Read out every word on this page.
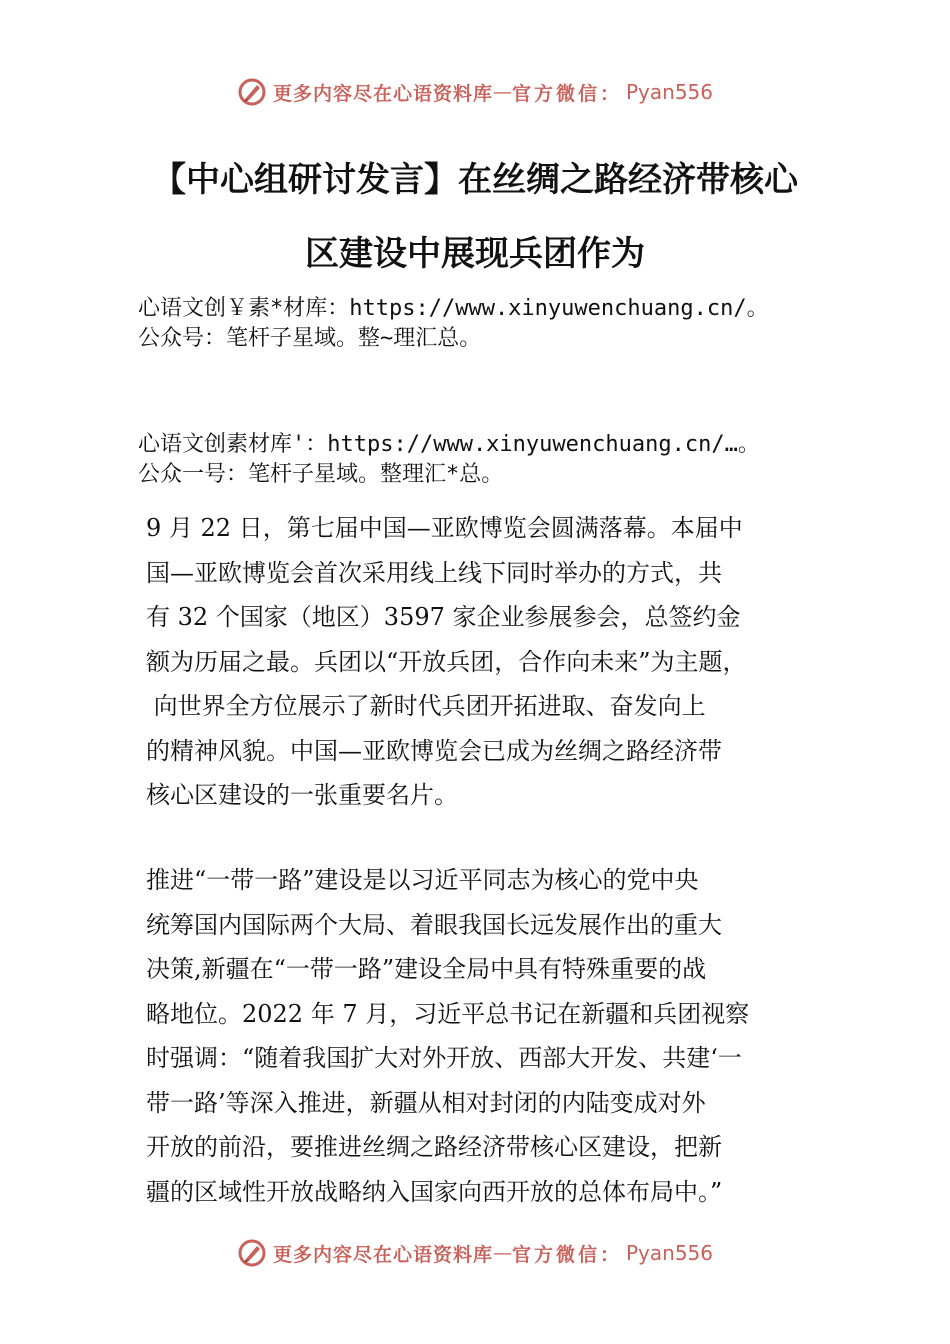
更多内容尽在心语资料库 — 官方微信： Pyan556
【中心组研讨发言】在丝绸之路经济带核心
区建设中展现兵团作为
心语文创￥素*材库：https://www.xinyuwenchuang.cn/。
公众号：笔杆子星域。整~理汇总。
心语文创素材库'：https://www.xinyuwenchuang.cn/…。
公众一号：笔杆子星域。整理汇*总。
9 月 22 日，第七届中国—亚欧博览会圆满落幕。本届中
国—亚欧博览会首次采用线上线下同时举办的方式，共
有 32 个国家（地区）3597 家企业参展参会，总签约金
额为历届之最。兵团以“开放兵团，合作向未来”为主题，
向世界全方位展示了新时代兵团开拓进取、奋发向上
的精神风貌。中国—亚欧博览会已成为丝绸之路经济带
核心区建设的一张重要名片。
推进“一带一路”建设是以习近平同志为核心的党中央
统筹国内国际两个大局、着眼我国长远发展作出的重大
决策,新疆在“一带一路”建设全局中具有特殊重要的战
略地位。2022 年 7 月，习近平总书记在新疆和兵团视察
时强调：“随着我国扩大对外开放、西部大开发、共建‘一
带一路’等深入推进，新疆从相对封闭的内陆变成对外
开放的前沿，要推进丝绸之路经济带核心区建设，把新
疆的区域性开放战略纳入国家向西开放的总体布局中。”
更多内容尽在心语资料库 — 官方微信： Pyan556
